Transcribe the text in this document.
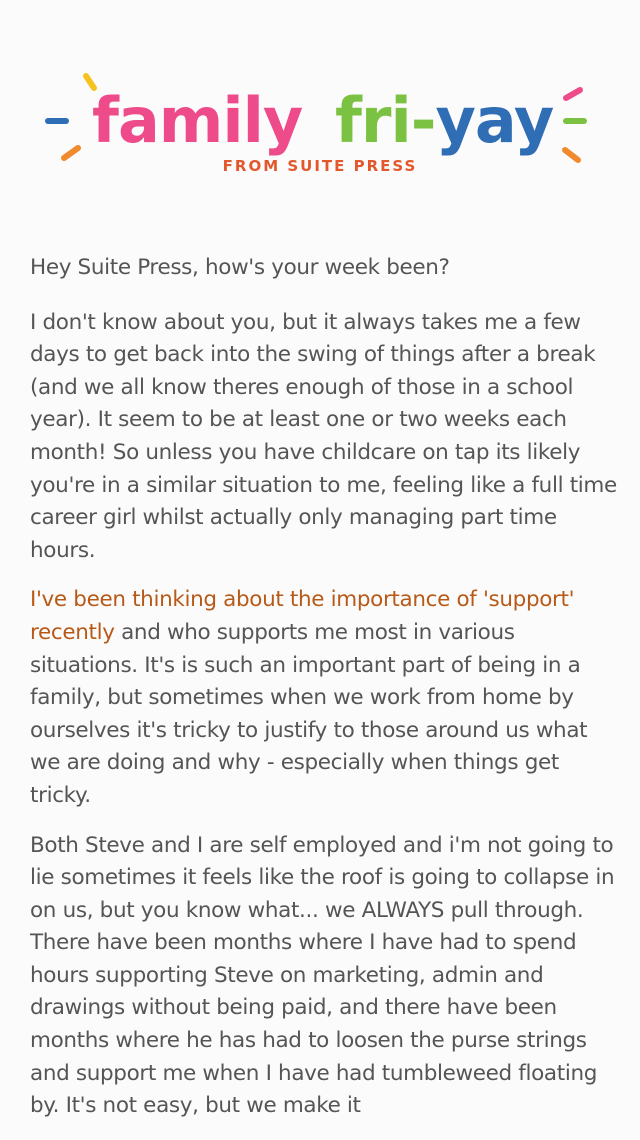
family fri-yay
FROM SUITE PRESS

Hey Suite Press, how's your week been?

I don't know about you, but it always takes me a few days to get back into the swing of things after a break (and we all know theres enough of those in a school year). It seem to be at least one or two weeks each month! So unless you have childcare on tap its likely you're in a similar situation to me, feeling like a full time career girl whilst actually only managing part time hours.

I've been thinking about the importance of 'support' recently and who supports me most in various situations. It's is such an important part of being in a family, but sometimes when we work from home by ourselves it's tricky to justify to those around us what we are doing and why - especially when things get tricky.

Both Steve and I are self employed and i'm not going to lie sometimes it feels like the roof is going to collapse in on us, but you know what... we ALWAYS pull through. There have been months where I have had to spend hours supporting Steve on marketing, admin and drawings without being paid, and there have been months where he has had to loosen the purse strings and support me when I have had tumbleweed floating by. It's not easy, but we make it
